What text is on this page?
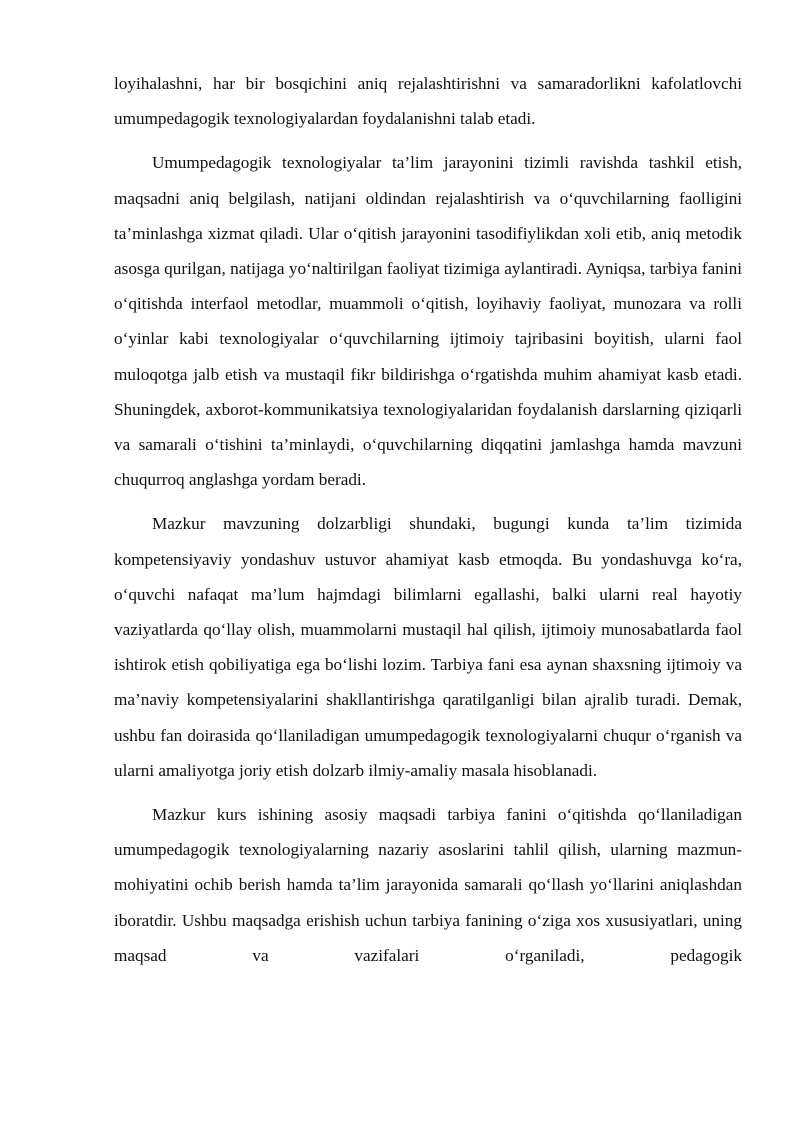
loyihalashni, har bir bosqichini aniq rejalashtirishni va samaradorlikni kafolatlovchi umumpedagogik texnologiyalardan foydalanishni talab etadi.

Umumpedagogik texnologiyalar ta’lim jarayonini tizimli ravishda tashkil etish, maqsadni aniq belgilash, natijani oldindan rejalashtirish va o‘quvchilarning faolligini ta’minlashga xizmat qiladi. Ular o‘qitish jarayonini tasodifiylikdan xoli etib, aniq metodik asosga qurilgan, natijaga yo‘naltirilgan faoliyat tizimiga aylantiradi. Ayniqsa, tarbiya fanini o‘qitishda interfaol metodlar, muammoli o‘qitish, loyihaviy faoliyat, munozara va rolli o‘yinlar kabi texnologiyalar o‘quvchilarning ijtimoiy tajribasini boyitish, ularni faol muloqotga jalb etish va mustaqil fikr bildirishga o‘rgatishda muhim ahamiyat kasb etadi. Shuningdek, axborot-kommunikatsiya texnologiyalaridan foydalanish darslarning qiziqarli va samarali o‘tishini ta’minlaydi, o‘quvchilarning diqqatini jamlashga hamda mavzuni chuqurroq anglashga yordam beradi.

Mazkur mavzuning dolzarbligi shundaki, bugungi kunda ta’lim tizimida kompetensiyaviy yondashuv ustuvor ahamiyat kasb etmoqda. Bu yondashuvga ko‘ra, o‘quvchi nafaqat ma’lum hajmdagi bilimlarni egallashi, balki ularni real hayotiy vaziyatlarda qo‘llay olish, muammolarni mustaqil hal qilish, ijtimoiy munosabatlarda faol ishtirok etish qobiliyatiga ega bo‘lishi lozim. Tarbiya fani esa aynan shaxsning ijtimoiy va ma’naviy kompetensiyalarini shakllantirishga qaratilganligi bilan ajralib turadi. Demak, ushbu fan doirasida qo‘llaniladigan umumpedagogik texnologiyalarni chuqur o‘rganish va ularni amaliyotga joriy etish dolzarb ilmiy-amaliy masala hisoblanadi.

Mazkur kurs ishining asosiy maqsadi tarbiya fanini o‘qitishda qo‘llaniladigan umumpedagogik texnologiyalarning nazariy asoslarini tahlil qilish, ularning mazmun-mohiyatini ochib berish hamda ta’lim jarayonida samarali qo‘llash yo‘llarini aniqlashdan iboratdir. Ushbu maqsadga erishish uchun tarbiya fanining o‘ziga xos xususiyatlari, uning maqsad va vazifalari o‘rganiladi, pedagogik
